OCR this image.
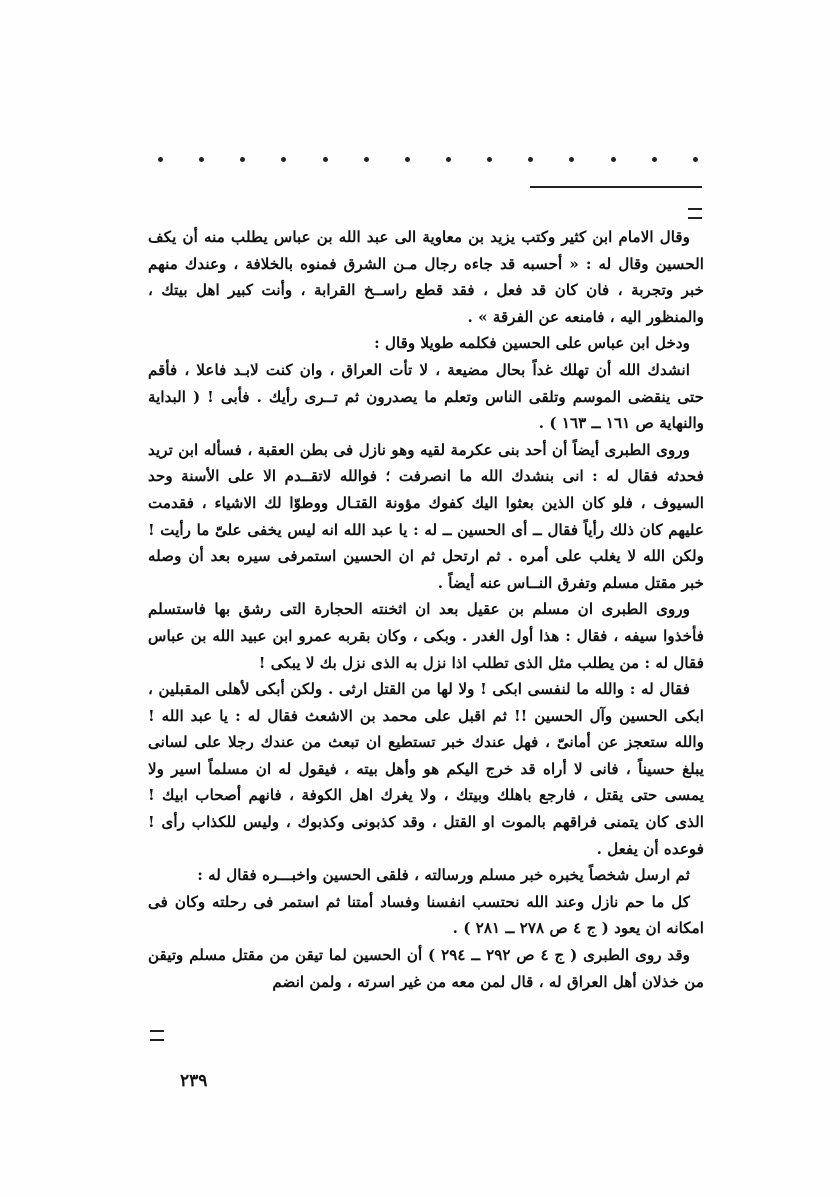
وقال الامام ابن كثير وكتب يزيد بن معاوية الى عبد الله بن عباس يطلب منه أن يكف الحسين وقال له : « أحسبه قد جاءه رجال مـن الشرق فمنوه بالخلافة ، وعندك منهم خبر وتجربة ، فان كان قد فعل ، فقد قطع راســخ القرابة ، وأنت كبير اهل بيتك ، والمنظور اليه ، فامنعه عن الفرقة » .

ودخل ابن عباس على الحسين فكلمه طويلا وقال :

انشدك الله أن تهلك غداً بحال مضيعة ، لا تأت العراق ، وان كنت لابـد فاعلا ، فأقم حتى ينقضى الموسم وتلقى الناس وتعلم ما يصدرون ثم تــرى رأيك . فأبى ! ( البداية والنهاية ص ١٦١ ــ ١٦٣ ) .

وروى الطبرى أيضاً أن أحد بنى عكرمة لقيه وهو نازل فى بطن العقبة ، فسأله ابن تريد فحدثه فقال له : انى بنشدك الله ما انصرفت ؛ فوالله لاتقــدم الا على الأسنة وحد السيوف ، فلو كان الذين بعثوا اليك كفوك مؤونة القتـال ووطوّا لك الاشياء ، فقدمت عليهم كان ذلك رأياً فقال ــ أى الحسين ــ له : يا عبد الله انه ليس يخفى علىّ ما رأيت ! ولكن الله لا يغلب على أمره . ثم ارتحل ثم ان الحسين استمرفى سيره بعد أن وصله خبر مقتل مسلم وتفرق النــاس عنه أيضاً .

وروى الطبرى ان مسلم بن عقيل بعد ان اثخنته الحجارة التى رشق بها فاستسلم فأخذوا سيفه ، فقال : هذا أول الغدر . وبكى ، وكان بقربه عمرو ابن عبيد الله بن عباس فقال له : من يطلب مثل الذى تطلب اذا نزل به الذى نزل بك لا يبكى !

فقال له : والله ما لنفسى ابكى ! ولا لها من القتل ارثى . ولكن أبكى لأهلى المقبلين ، ابكى الحسين وآل الحسين !! ثم اقبل على محمد بن الاشعث فقال له : يا عبد الله ! والله ستعجز عن أمانىّ ، فهل عندك خبر تستطيع ان تبعث من عندك رجلا على لسانى يبلغ حسيناً ، فانى لا أراه قد خرج اليكم هو وأهل بيته ، فيقول له ان مسلماً اسير ولا يمسى حتى يقتل ، فارجع باهلك وبيتك ، ولا يغرك اهل الكوفة ، فانهم أصحاب ابيك ! الذى كان يتمنى فراقهم بالموت او القتل ، وقد كذبونى وكذبوك ، وليس للكذاب رأى ! فوعده أن يفعل .

ثم ارسل شخصاً يخبره خبر مسلم ورسالته ، فلقى الحسين واخبـــره فقال له :

كل ما حم نازل وعند الله نحتسب انفسنا وفساد أمتنا ثم استمر فى رحلته وكان فى امكانه ان يعود ( ج ٤ ص ٢٧٨ ــ ٢٨١ ) .

وقد روى الطبرى ( ج ٤ ص ٢٩٢ ــ ٢٩٤ ) أن الحسين لما تيقن من مقتل مسلم وتيقن من خذلان أهل العراق له ، قال لمن معه من غير اسرته ، ولمن انضم

٢٣٩
